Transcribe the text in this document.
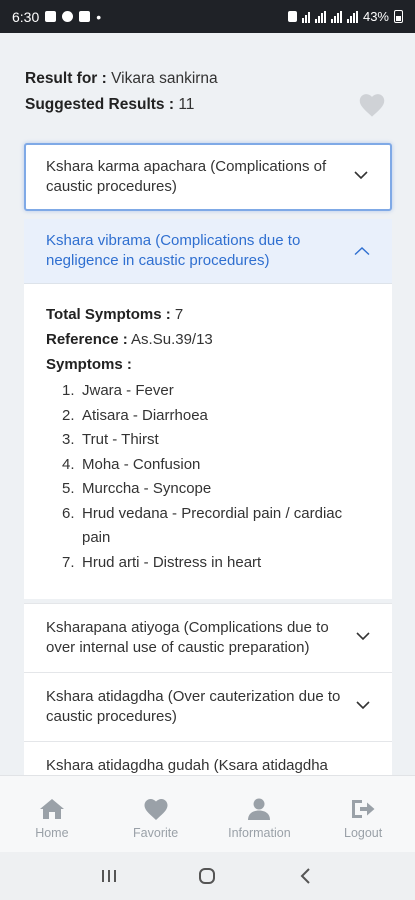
6:30	•	43%
Result for : Vikara sankirna
Suggested Results : 11
Kshara karma apachara (Complications of caustic procedures)
Kshara vibrama (Complications due to negligence in caustic procedures)
Total Symptoms : 7
Reference : As.Su.39/13
Symptoms :
1. Jwara - Fever
2. Atisara - Diarrhoea
3. Trut - Thirst
4. Moha - Confusion
5. Murccha - Syncope
6. Hrud vedana - Precordial pain / cardiac pain
7. Hrud arti - Distress in heart
Ksharapana atiyoga (Complications due to over internal use of caustic preparation)
Kshara atidagdha (Over cauterization due to caustic procedures)
Kshara atidagdha gudah (Ksara atidagdha
Home	Favorite	Information	Logout
